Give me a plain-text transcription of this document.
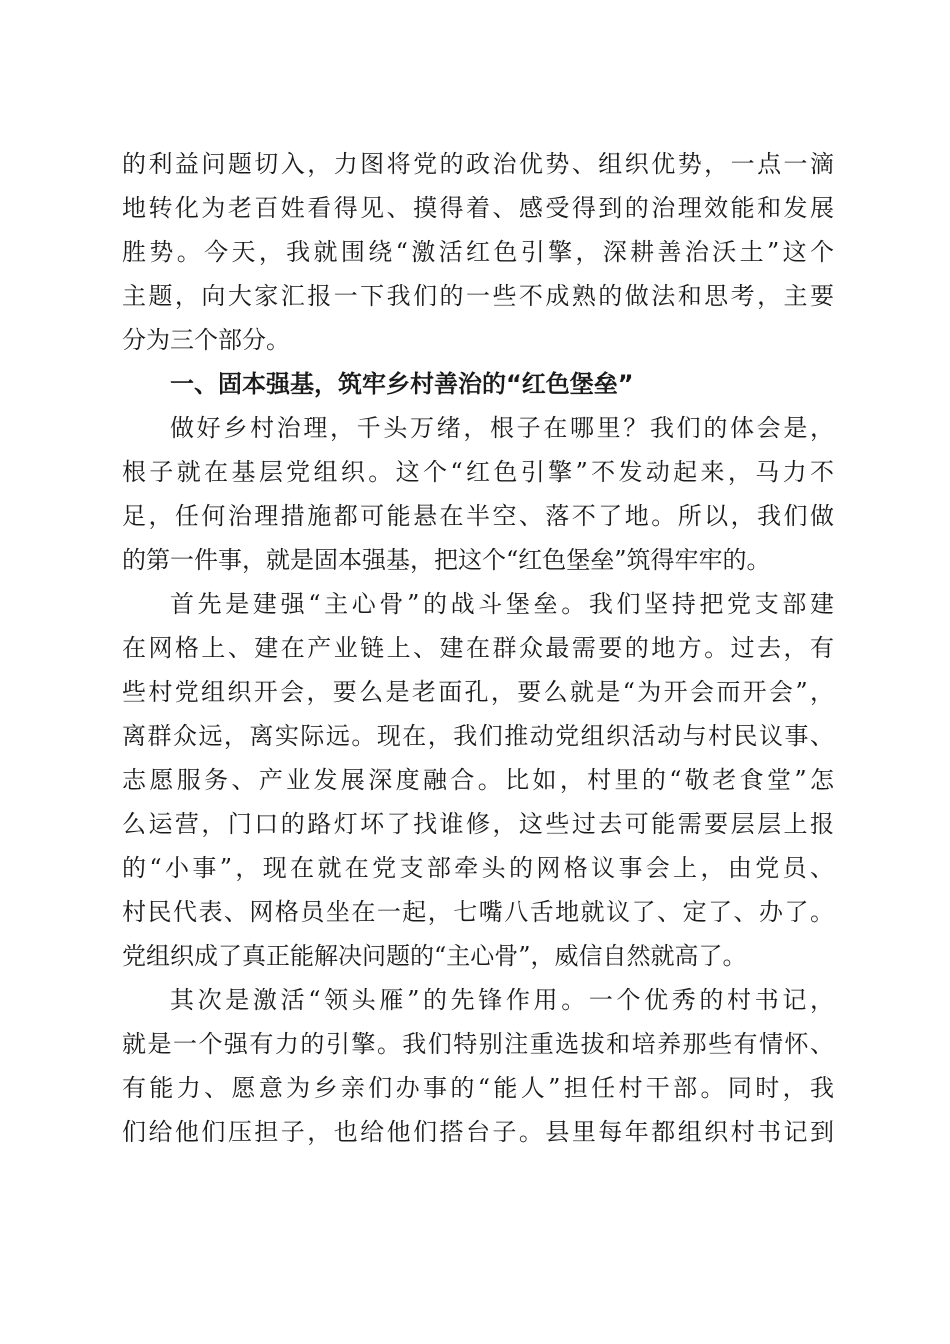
的利益问题切入，力图将党的政治优势、组织优势，一点一滴
地转化为老百姓看得见、摸得着、感受得到的治理效能和发展
胜势。今天，我就围绕“激活红色引擎，深耕善治沃土”这个
主题，向大家汇报一下我们的一些不成熟的做法和思考，主要
分为三个部分。
一、固本强基，筑牢乡村善治的“红色堡垒”
做好乡村治理，千头万绪，根子在哪里？我们的体会是，
根子就在基层党组织。这个“红色引擎”不发动起来，马力不
足，任何治理措施都可能悬在半空、落不了地。所以，我们做
的第一件事，就是固本强基，把这个“红色堡垒”筑得牢牢的。
首先是建强“主心骨”的战斗堡垒。我们坚持把党支部建
在网格上、建在产业链上、建在群众最需要的地方。过去，有
些村党组织开会，要么是老面孔，要么就是“为开会而开会”，
离群众远，离实际远。现在，我们推动党组织活动与村民议事、
志愿服务、产业发展深度融合。比如，村里的“敬老食堂”怎
么运营，门口的路灯坏了找谁修，这些过去可能需要层层上报
的“小事”，现在就在党支部牵头的网格议事会上，由党员、
村民代表、网格员坐在一起，七嘴八舌地就议了、定了、办了。
党组织成了真正能解决问题的“主心骨”，威信自然就高了。
其次是激活“领头雁”的先锋作用。一个优秀的村书记，
就是一个强有力的引擎。我们特别注重选拔和培养那些有情怀、
有能力、愿意为乡亲们办事的“能人”担任村干部。同时，我
们给他们压担子，也给他们搭台子。县里每年都组织村书记到
